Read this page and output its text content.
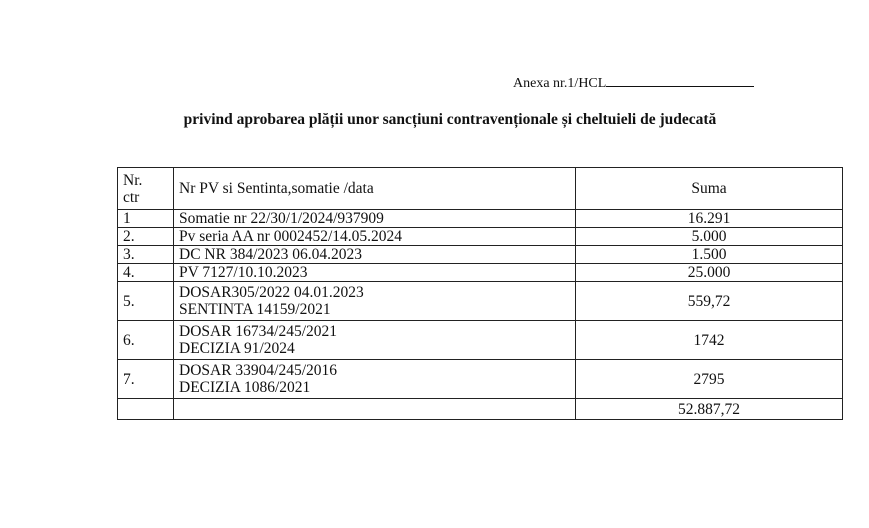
Anexa nr.1/HCL
privind aprobarea plății unor sancțiuni contravenționale și cheltuieli de judecată
Nr.
ctr	Nr PV si Sentinta,somatie /data	Suma
1	Somatie nr 22/30/1/2024/937909	16.291
2.	Pv seria AA nr 0002452/14.05.2024	5.000
3.	DC NR 384/2023 06.04.2023	1.500
4.	PV 7127/10.10.2023	25.000
5.	DOSAR305/2022 04.01.2023
SENTINTA 14159/2021	559,72
6.	DOSAR 16734/245/2021
DECIZIA 91/2024	1742
7.	DOSAR 33904/245/2016
DECIZIA 1086/2021	2795
		52.887,72
